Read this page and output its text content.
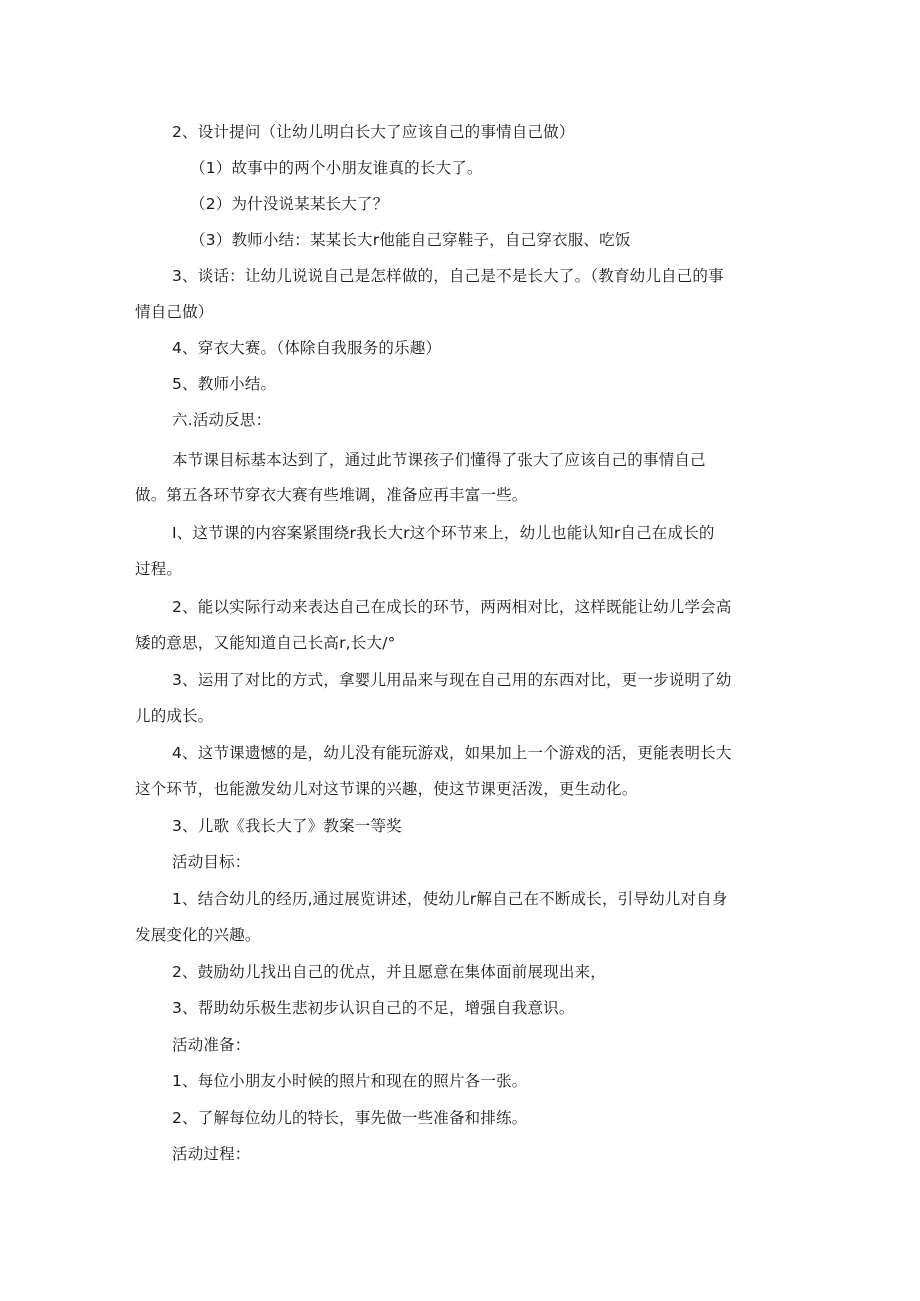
2、设计提问（让幼儿明白长大了应该自己的事情自己做）
（1）故事中的两个小朋友谁真的长大了。
（2）为什没说某某长大了？
（3）教师小结：某某长大r他能自己穿鞋子，自己穿衣服、吃饭
3、谈话：让幼儿说说自己是怎样做的，自己是不是长大了。（教育幼儿自己的事
情自己做）
4、穿衣大赛。（体除自我服务的乐趣）
5、教师小结。
六.活动反思：
本节课目标基本达到了，通过此节课孩子们懂得了张大了应该自己的事情自己
做。第五各环节穿衣大赛有些堆调，准备应再丰富一些。
I、这节课的内容案紧围绕r我长大r这个环节来上，幼儿也能认知r自己在成长的
过程。
2、能以实际行动来表达自己在成长的环节，两两相对比，这样既能让幼儿学会高
矮的意思，又能知道自己长高r,长大/°
3、运用了对比的方式，拿婴儿用品来与现在自己用的东西对比，更一步说明了幼
儿的成长。
4、这节课遗憾的是，幼儿没有能玩游戏，如果加上一个游戏的活，更能表明长大
这个环节，也能激发幼儿对这节课的兴趣，使这节课更活泼，更生动化。
3、儿歌《我长大了》教案一等奖
活动目标：
1、结合幼儿的经历,通过展览讲述，使幼儿r解自己在不断成长，引导幼儿对自身
发展变化的兴趣。
2、鼓励幼儿找出自己的优点，并且愿意在集体面前展现出来，
3、帮助幼乐极生悲初步认识自己的不足，增强自我意识。
活动准备：
1、每位小朋友小时候的照片和现在的照片各一张。
2、了解每位幼儿的特长，事先做一些准备和排练。
活动过程：
